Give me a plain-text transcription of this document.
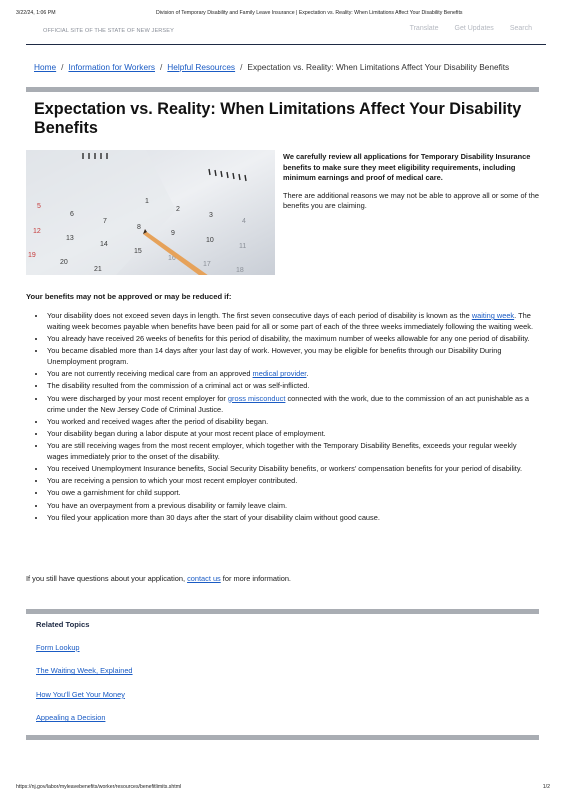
3/22/24, 1:06 PM	Division of Temporary Disability and Family Leave Insurance | Expectation vs. Reality: When Limitations Affect Your Disability Benefits
OFFICIAL SITE OF THE STATE OF NEW JERSEY	Translate Get Updates Search
Home / Information for Workers / Helpful Resources / Expectation vs. Reality: When Limitations Affect Your Disability Benefits
Expectation vs. Reality: When Limitations Affect Your Disability Benefits
1
2
3
4
5
6
7
8
9
10
11
12
13
14
15
16
17
18
19
20
21

We carefully review all applications for Temporary Disability Insurance benefits to make sure they meet eligibility requirements, including minimum earnings and proof of medical care.

There are additional reasons we may not be able to approve all or some of the benefits you are claiming.

Your benefits may not be approved or may be reduced if:
• Your disability does not exceed seven days in length. The first seven consecutive days of each period of disability is known as the waiting week. The waiting week becomes payable when benefits have been paid for all or some part of each of the three weeks immediately following the waiting week.
• You already have received 26 weeks of benefits for this period of disability, the maximum number of weeks allowable for any one period of disability.
• You became disabled more than 14 days after your last day of work. However, you may be eligible for benefits through our Disability During Unemployment program.
• You are not currently receiving medical care from an approved medical provider.
• The disability resulted from the commission of a criminal act or was self-inflicted.
• You were discharged by your most recent employer for gross misconduct connected with the work, due to the commission of an act punishable as a crime under the New Jersey Code of Criminal Justice.
• You worked and received wages after the period of disability began.
• Your disability began during a labor dispute at your most recent place of employment.
• You are still receiving wages from the most recent employer, which together with the Temporary Disability Benefits, exceeds your regular weekly wages immediately prior to the onset of the disability.
• You received Unemployment Insurance benefits, Social Security Disability benefits, or workers' compensation benefits for your period of disability.
• You are receiving a pension to which your most recent employer contributed.
• You owe a garnishment for child support.
• You have an overpayment from a previous disability or family leave claim.
• You filed your application more than 30 days after the start of your disability claim without good cause.

If you still have questions about your application, contact us for more information.

Related Topics
Form Lookup
The Waiting Week, Explained
How You'll Get Your Money
Appealing a Decision
https://nj.gov/labor/myleavebenefits/worker/resources/benefitlimits.shtml	1/2
